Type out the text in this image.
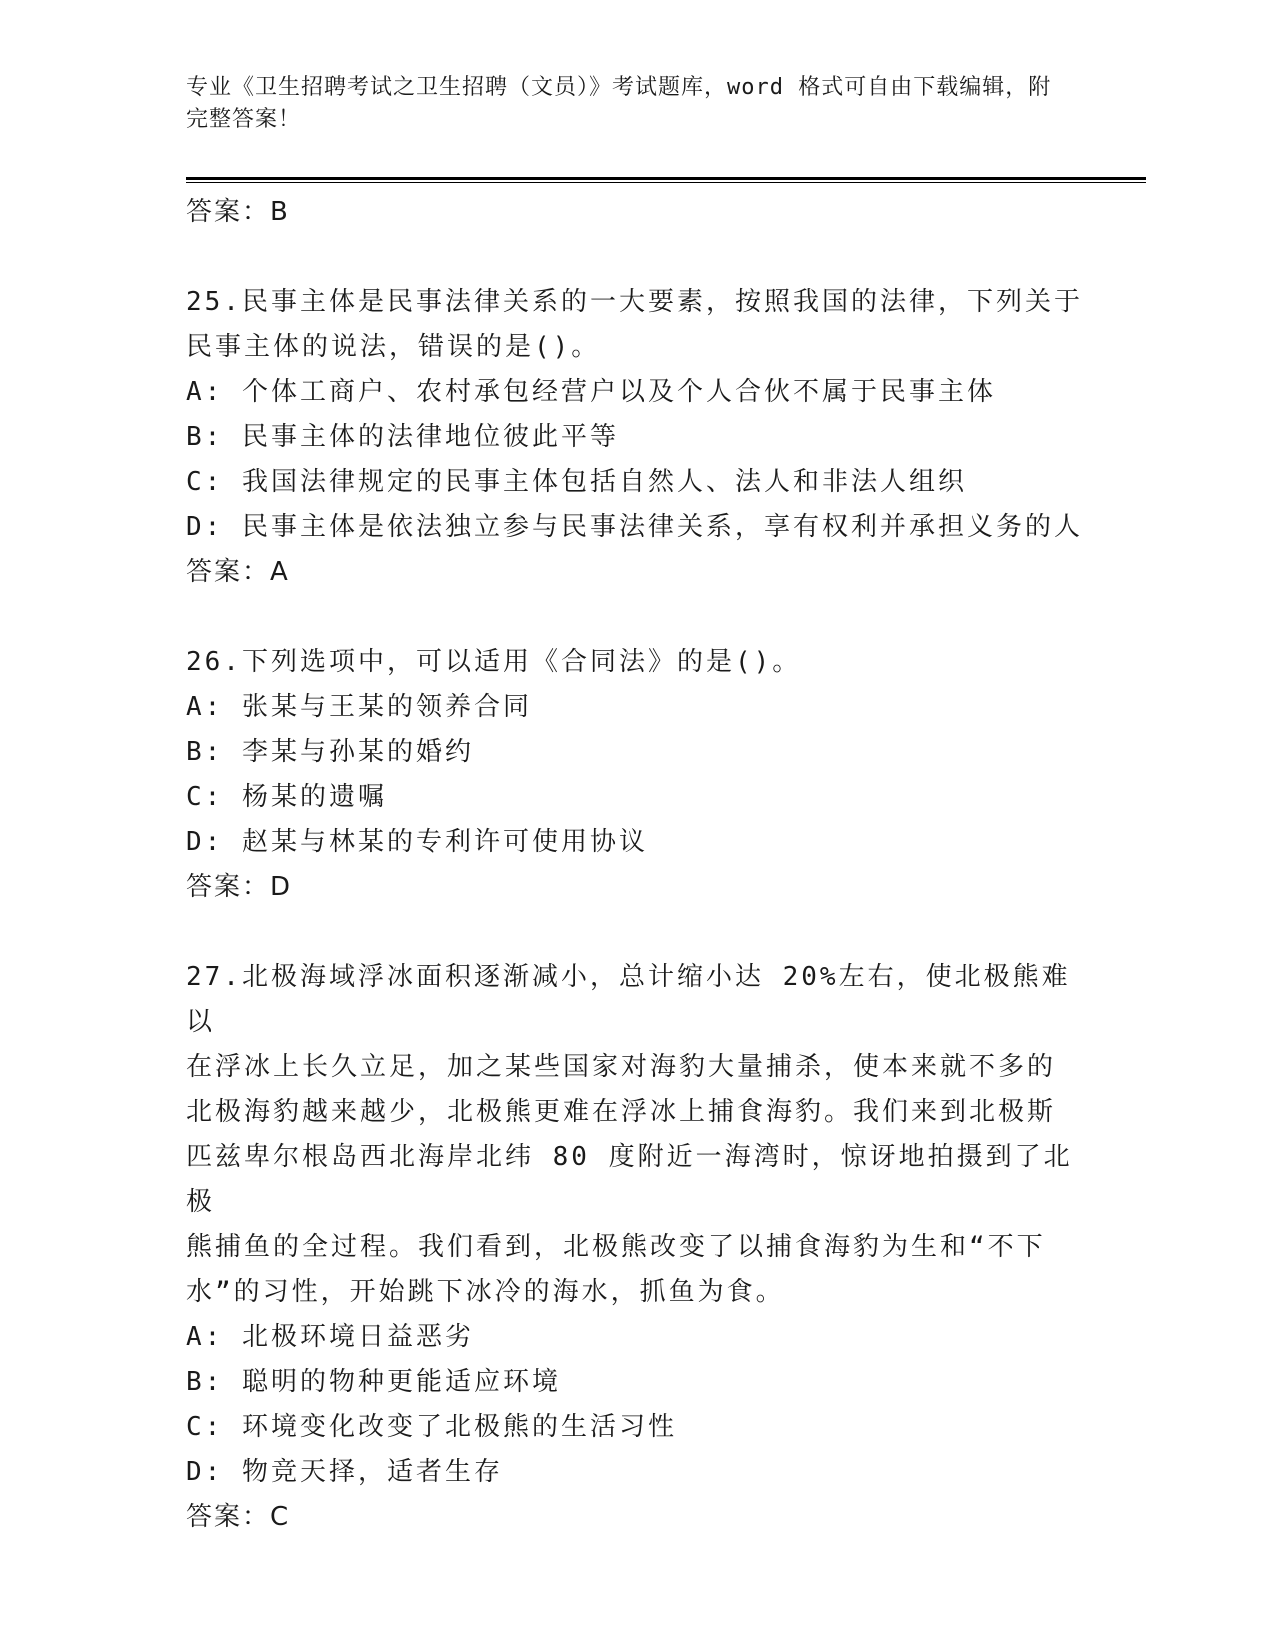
专业《卫生招聘考试之卫生招聘（文员）》考试题库，word 格式可自由下载编辑，附完整答案！
答案：B
25.民事主体是民事法律关系的一大要素，按照我国的法律，下列关于
民事主体的说法，错误的是()。
A: 个体工商户、农村承包经营户以及个人合伙不属于民事主体
B: 民事主体的法律地位彼此平等
C: 我国法律规定的民事主体包括自然人、法人和非法人组织
D: 民事主体是依法独立参与民事法律关系，享有权利并承担义务的人
答案：A
26.下列选项中，可以适用《合同法》的是()。
A: 张某与王某的领养合同
B: 李某与孙某的婚约
C: 杨某的遗嘱
D: 赵某与林某的专利许可使用协议
答案：D
27.北极海域浮冰面积逐渐减小，总计缩小达 20%左右，使北极熊难以
在浮冰上长久立足，加之某些国家对海豹大量捕杀，使本来就不多的
北极海豹越来越少，北极熊更难在浮冰上捕食海豹。我们来到北极斯
匹兹卑尔根岛西北海岸北纬 80 度附近一海湾时，惊讶地拍摄到了北极
熊捕鱼的全过程。我们看到，北极熊改变了以捕食海豹为生和“不下
水”的习性，开始跳下冰冷的海水，抓鱼为食。
A: 北极环境日益恶劣
B: 聪明的物种更能适应环境
C: 环境变化改变了北极熊的生活习性
D: 物竞天择，适者生存
答案：C
